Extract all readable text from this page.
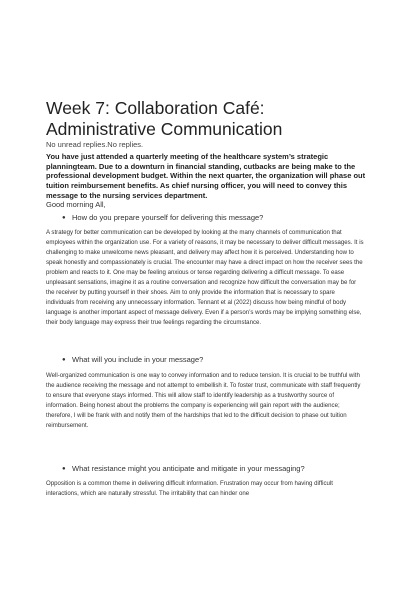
Week 7: Collaboration Café: Administrative Communication
No unread replies.No replies.
You have just attended a quarterly meeting of the healthcare system’s strategic planningteam. Due to a downturn in financial standing, cutbacks are being make to the professional development budget. Within the next quarter, the organization will phase out tuition reimbursement benefits. As chief nursing officer, you will need to convey this message to the nursing services department.
Good morning All,
● How do you prepare yourself for delivering this message?
A strategy for better communication can be developed by looking at the many channels of communication that employees within the organization use. For a variety of reasons, it may be necessary to deliver difficult messages. It is challenging to make unwelcome news pleasant, and delivery may affect how it is perceived. Understanding how to speak honestly and compassionately is crucial. The encounter may have a direct impact on how the receiver sees the problem and reacts to it. One may be feeling anxious or tense regarding delivering a difficult message. To ease unpleasant sensations, imagine it as a routine conversation and recognize how difficult the conversation may be for the receiver by putting yourself in their shoes. Aim to only provide the information that is necessary to spare individuals from receiving any unnecessary information. Tennant et al (2022) discuss how being mindful of body language is another important aspect of message delivery. Even if a person’s words may be implying something else, their body language may express their true feelings regarding the circumstance.
● What will you include in your message?
Well-organized communication is one way to convey information and to reduce tension. It is crucial to be truthful with the audience receiving the message and not attempt to embellish it. To foster trust, communicate with staff frequently to ensure that everyone stays informed. This will allow staff to identify leadership as a trustworthy source of information. Being honest about the problems the company is experiencing will gain report with the audience; therefore, I will be frank with and notify them of the hardships that led to the difficult decision to phase out tuition reimbursement.
● What resistance might you anticipate and mitigate in your messaging?
Opposition is a common theme in delivering difficult information. Frustration may occur from having difficult interactions, which are naturally stressful. The irritability that can hinder one
